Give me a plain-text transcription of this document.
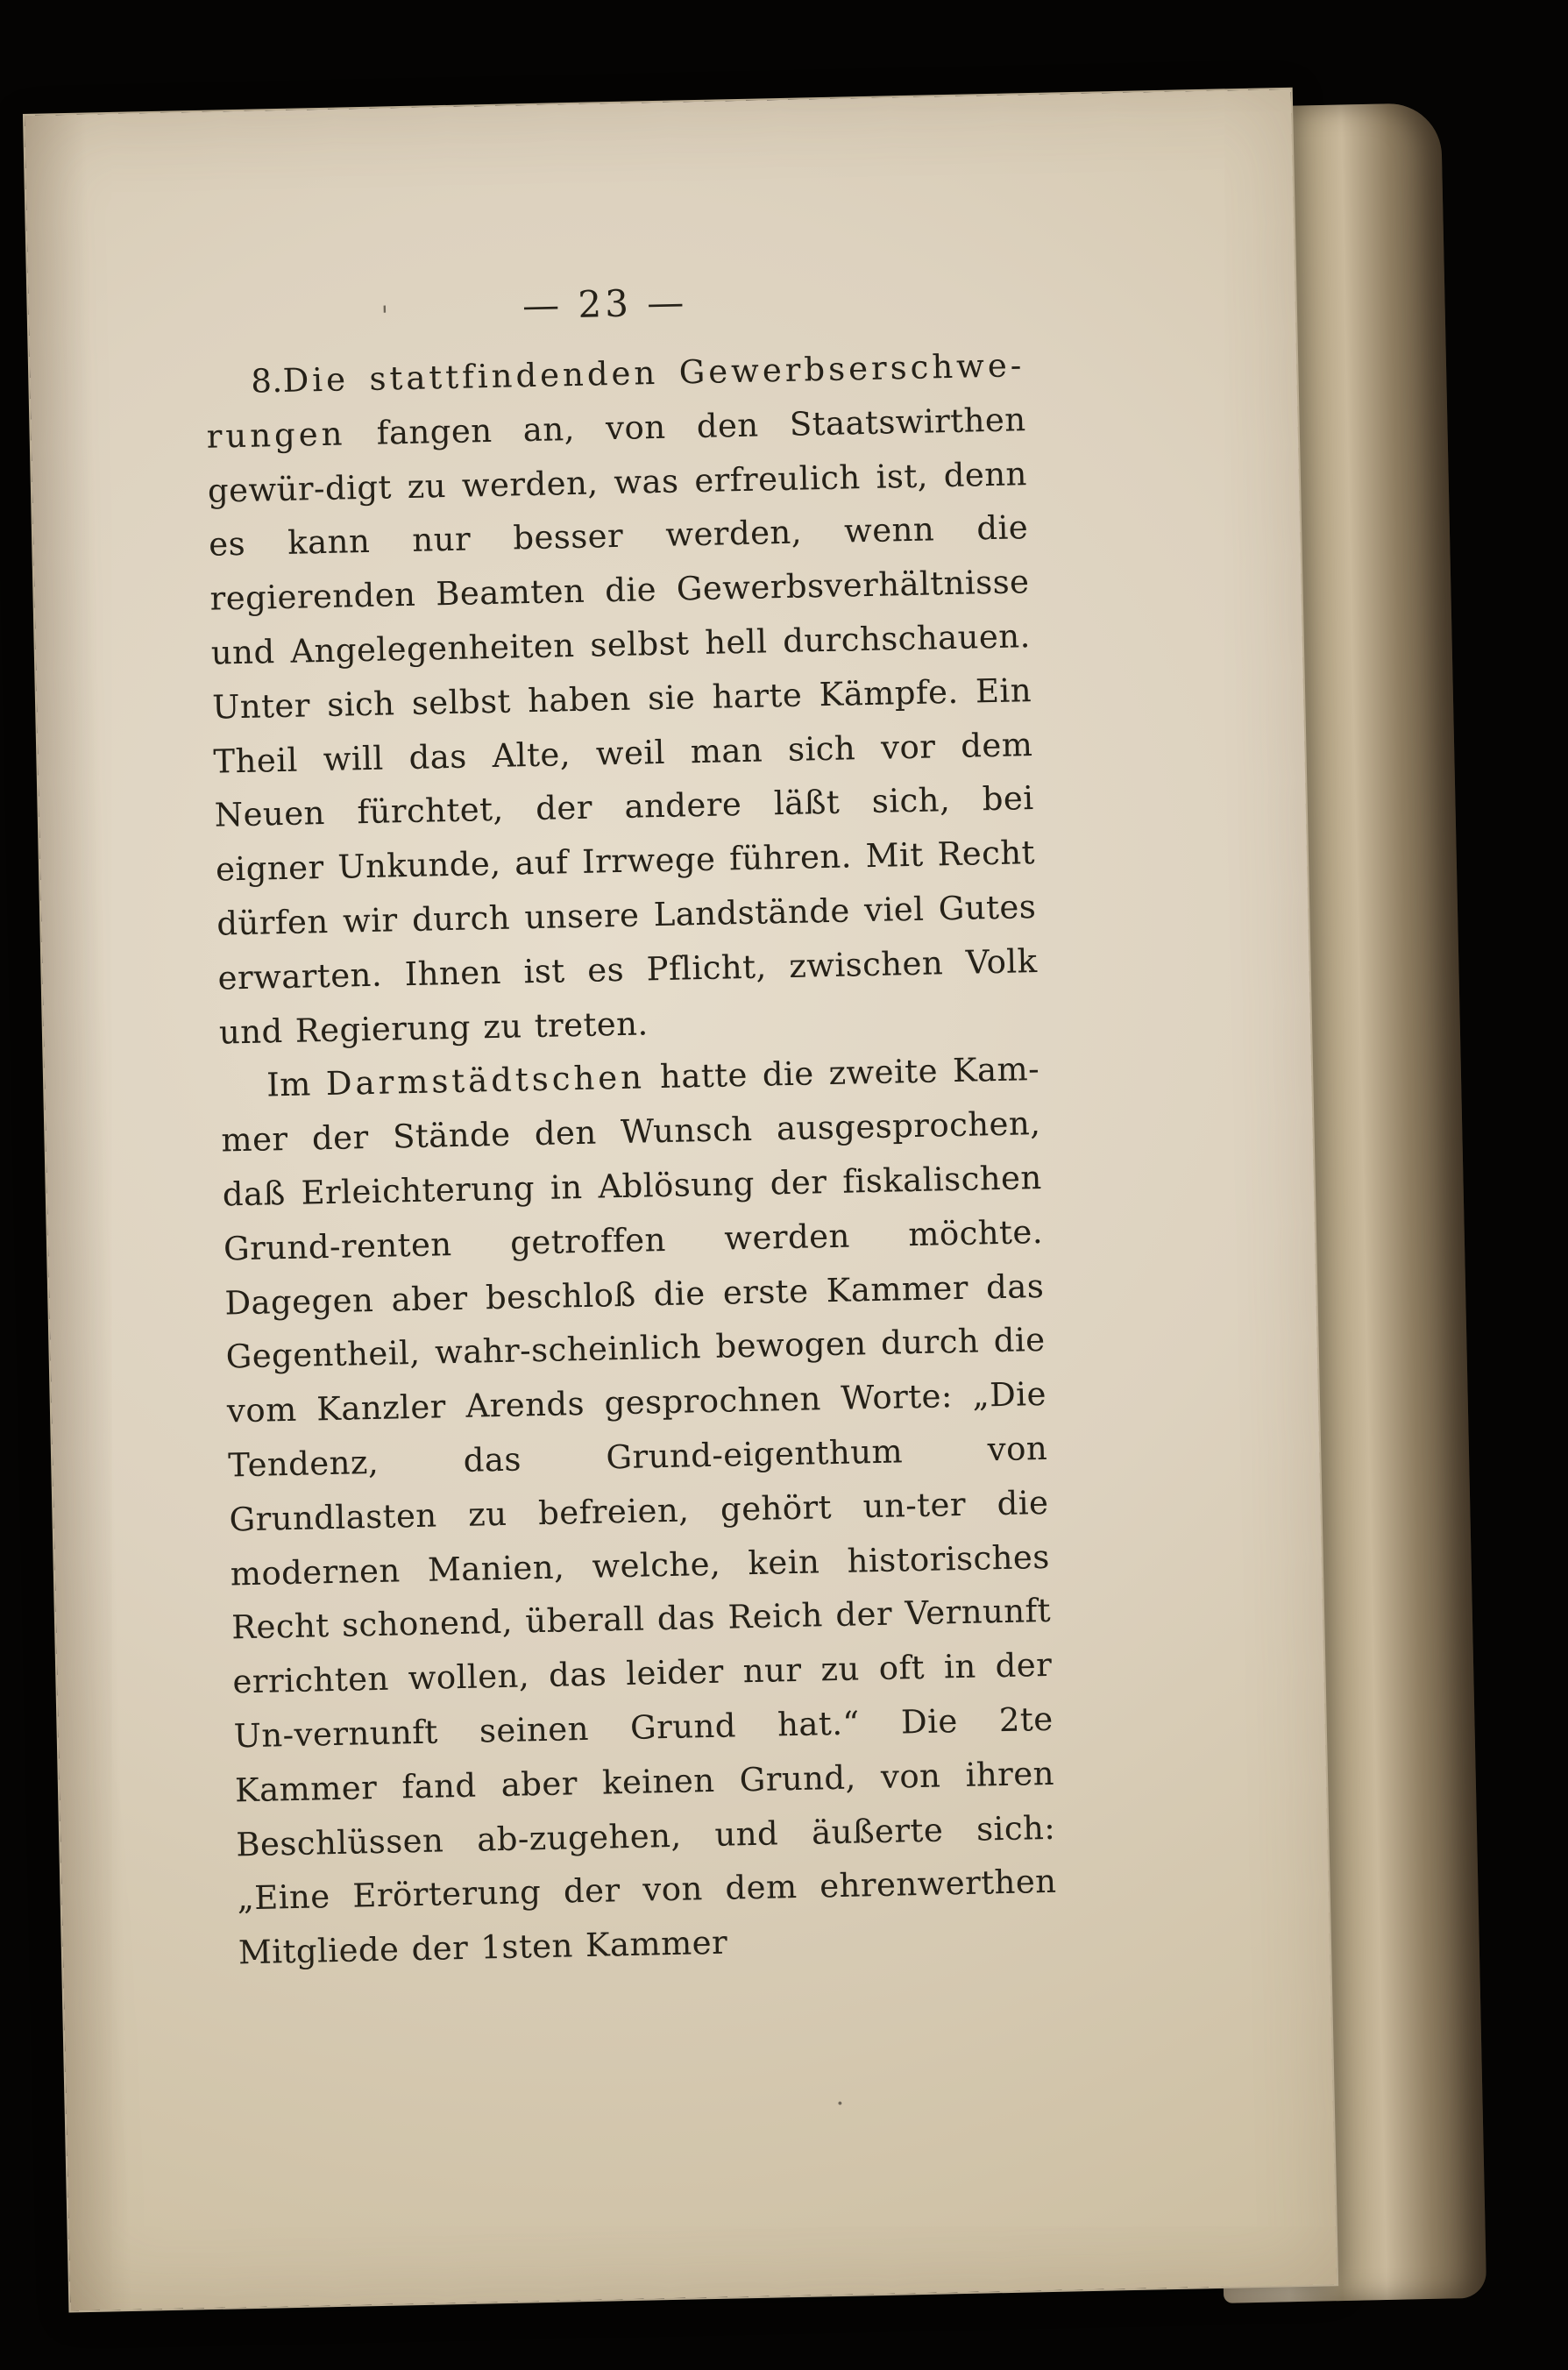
— 23 —

8.Die stattfindenden Gewerbserschwe-rungen fangen an, von den Staatswirthen gewür-digt zu werden, was erfreulich ist, denn es kann nur besser werden, wenn die regierenden Beamten die Gewerbsverhältnisse und Angelegenheiten selbst hell durchschauen. Unter sich selbst haben sie harte Kämpfe. Ein Theil will das Alte, weil man sich vor dem Neuen fürchtet, der andere läßt sich, bei eigner Unkunde, auf Irrwege führen. Mit Recht dürfen wir durch unsere Landstände viel Gutes erwarten. Ihnen ist es Pflicht, zwischen Volk und Regierung zu treten.

Im Darmstädtschen hatte die zweite Kam-mer der Stände den Wunsch ausgesprochen, daß Erleichterung in Ablösung der fiskalischen Grund-renten getroffen werden möchte. Dagegen aber beschloß die erste Kammer das Gegentheil, wahr-scheinlich bewogen durch die vom Kanzler Arends gesprochnen Worte: „Die Tendenz, das Grund-eigenthum von Grundlasten zu befreien, gehört un-ter die modernen Manien, welche, kein historisches Recht schonend, überall das Reich der Vernunft errichten wollen, das leider nur zu oft in der Un-vernunft seinen Grund hat.“ Die 2te Kammer fand aber keinen Grund, von ihren Beschlüssen ab-zugehen, und äußerte sich: „Eine Erörterung der von dem ehrenwerthen Mitgliede der 1sten Kammer

'
·
